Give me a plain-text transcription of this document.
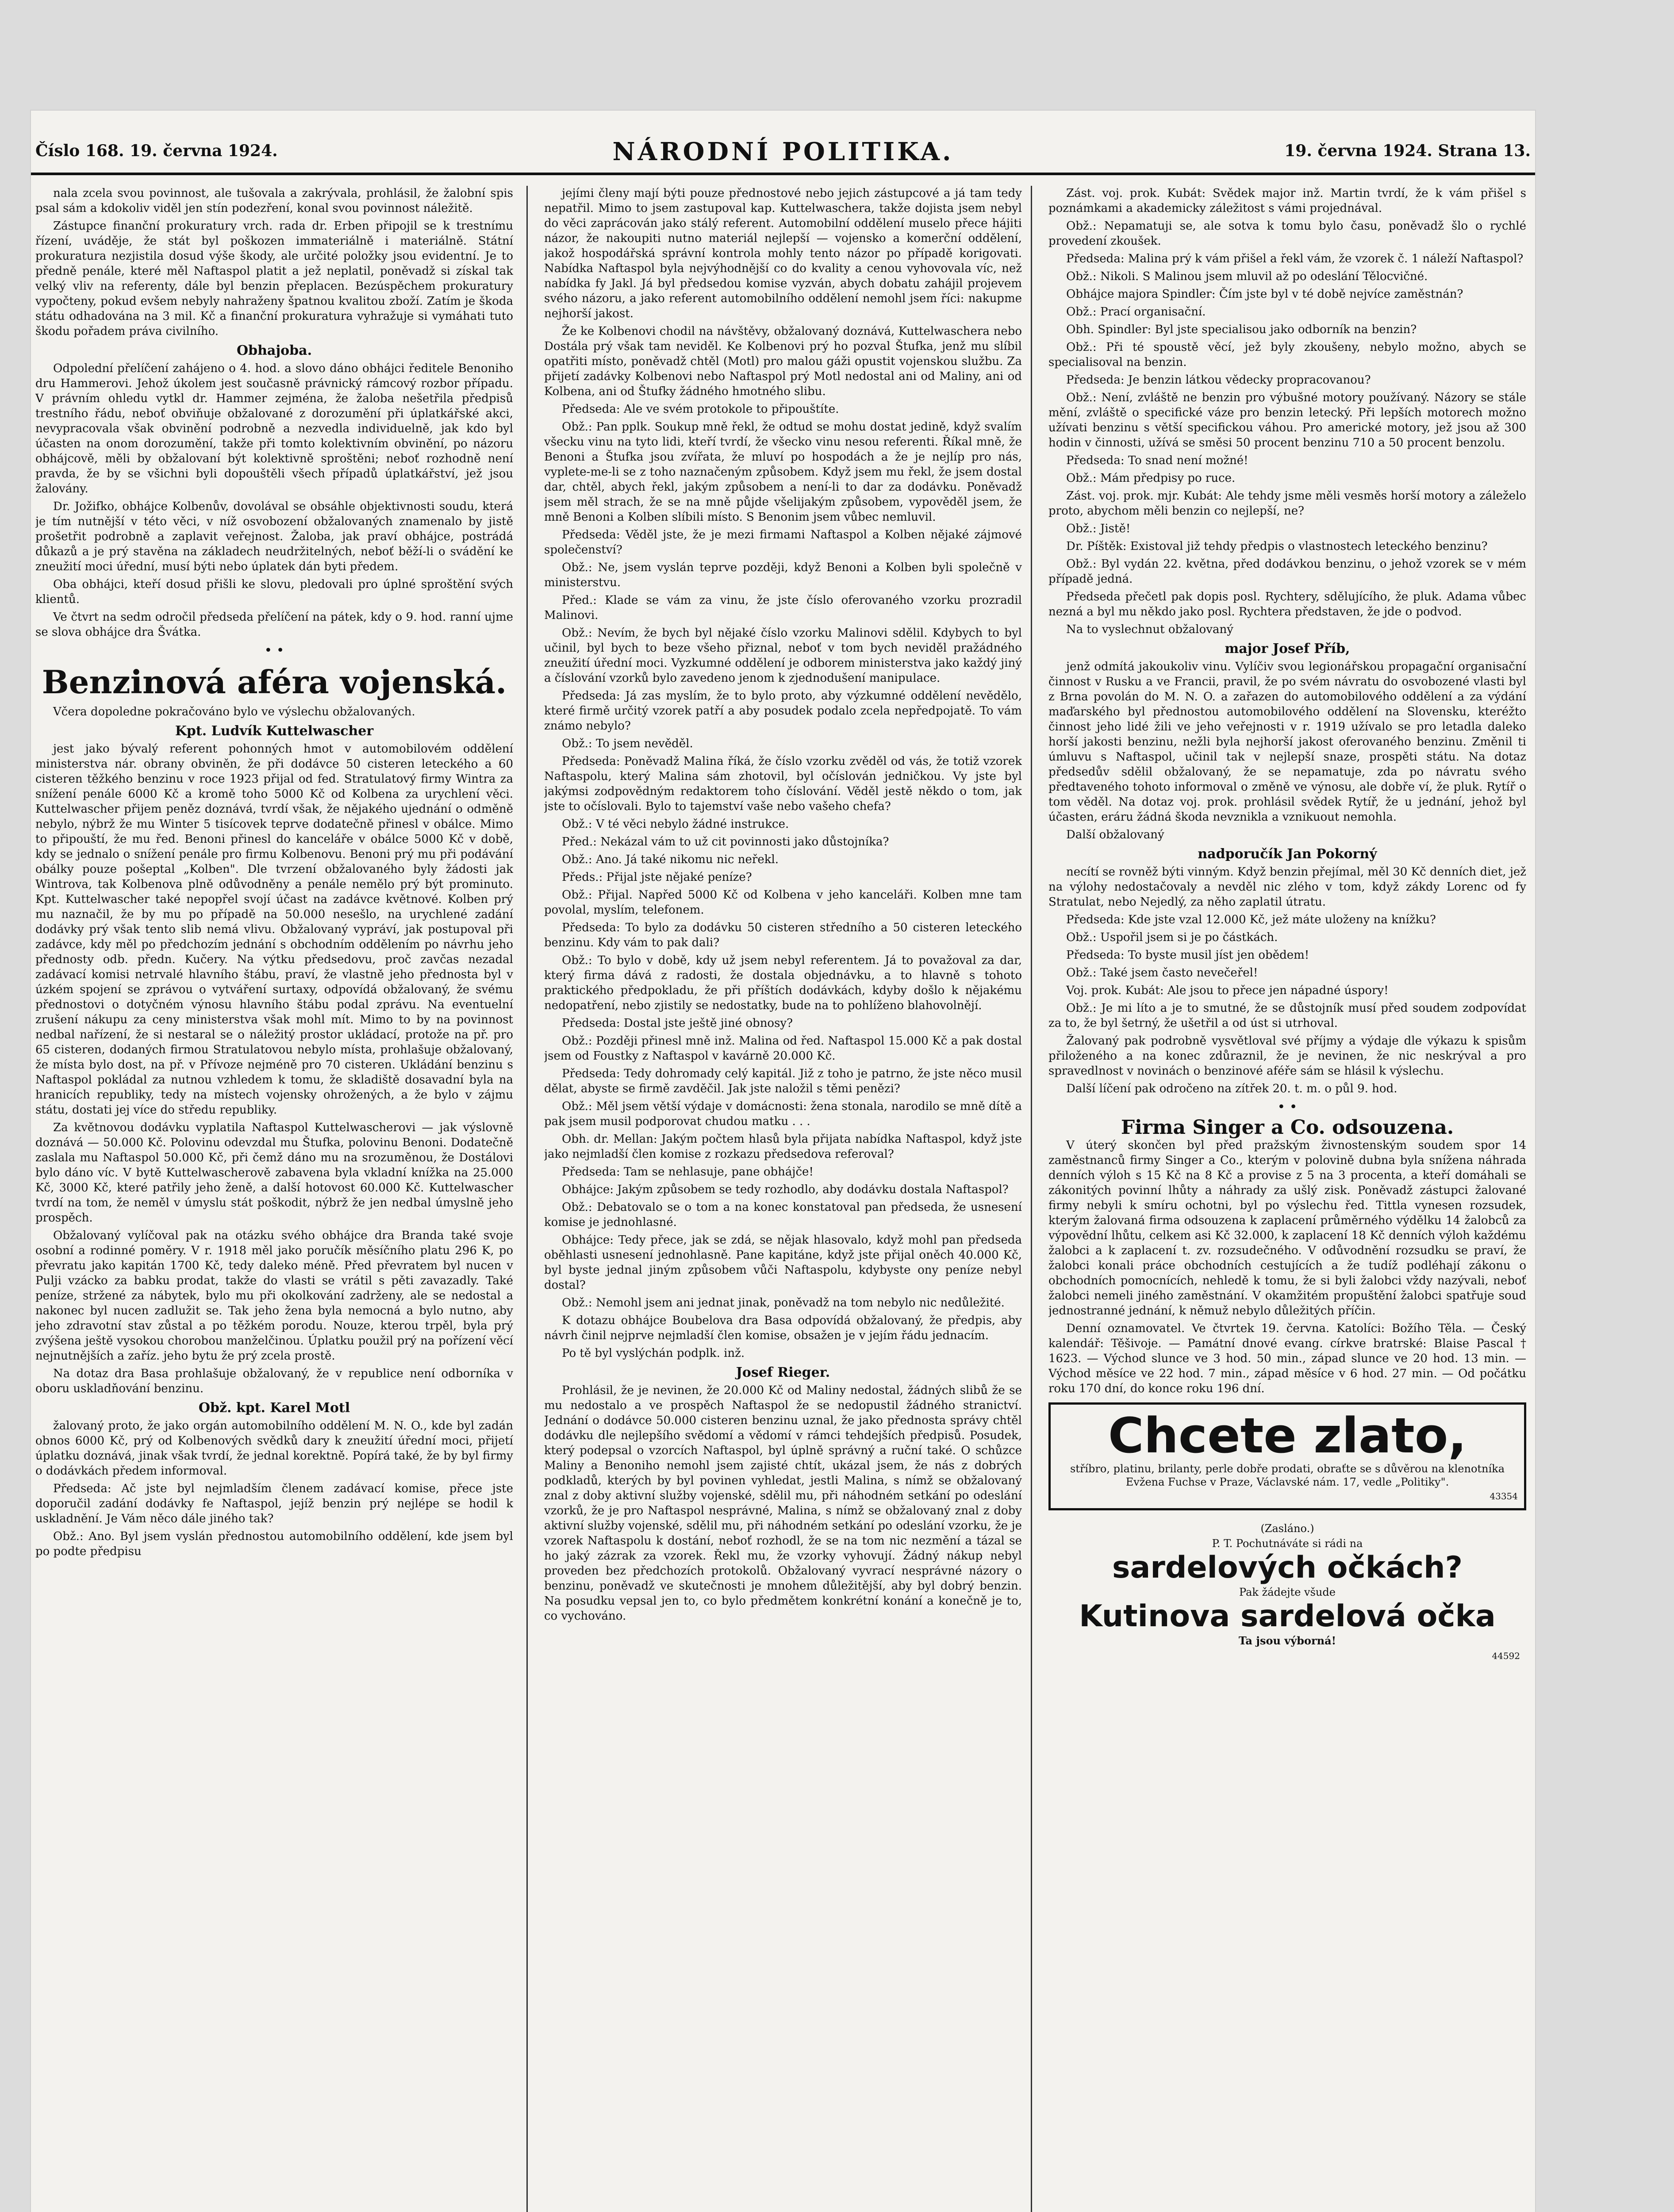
Číslo 168. 19. června 1924.	NÁRODNÍ POLITIKA.	19. června 1924. Strana 13.

nala zcela svou povinnost, ale tušovala a zakrývala, prohlásil, že žalobní spis psal sám a kdokoliv viděl jen stín podezření, konal svou povinnost náležitě.

Zástupce finanční prokuratury vrch. rada dr. Erben připojil se k trestnímu řízení, uváděje, že stát byl poškozen immateriálně i materiálně. Státní prokuratura nezjistila dosud výše škody, ale určité položky jsou evidentní. Je to předně penále, které měl Naftaspol platit a jež neplatil, poněvadž si získal tak velký vliv na referenty, dále byl benzin přeplacen. Bezúspěchem prokuratury vypočteny, pokud evšem nebyly nahraženy špatnou kvalitou zboží. Zatím je škoda státu odhadována na 3 mil. Kč a finanční prokuratura vyhražuje si vymáhati tuto škodu pořadem práva civilního.

Obhajoba.

Odpolední přelíčení zahájeno o 4. hod. a slovo dáno obhájci ředitele Benoniho dru Hammerovi. Jehož úkolem jest současně právnický rámcový rozbor případu. V právním ohledu vytkl dr. Hammer zejména, že žaloba nešetřila předpisů trestního řádu, neboť obviňuje obžalované z dorozumění při úplatkářské akci, nevypracovala však obvinění podrobně a nezvedla individuelně, jak kdo byl účasten na onom dorozumění, takže při tomto kolektivním obvinění, po názoru obhájcově, měli by obžalovaní být kolektivně sproštěni; neboť rozhodně není pravda, že by se všichni byli dopouštěli všech případů úplatkářství, jež jsou žalovány.

Dr. Jožifko, obhájce Kolbenův, dovolával se obsáhle objektivnosti soudu, která je tím nutnější v této věci, v níž osvobození obžalovaných znamenalo by jistě prošetřit podrobně a zaplavit veřejnost. Žaloba, jak praví obhájce, postrádá důkazů a je prý stavěna na základech neudržitelných, neboť běží-li o svádění ke zneužití moci úřední, musí býti nebo úplatek dán byti předem.

Oba obhájci, kteří dosud přišli ke slovu, pledovali pro úplné sproštění svých klientů.

Ve čtvrt na sedm odročil předseda přelíčení na pátek, kdy o 9. hod. ranní ujme se slova obhájce dra Švátka.

• •
Benzinová aféra vojenská.

Včera dopoledne pokračováno bylo ve výslechu obžalovaných.

Kpt. Ludvík Kuttelwascher

jest jako bývalý referent pohonných hmot v automobilovém oddělení ministerstva nár. obrany obviněn, že při dodávce 50 cisteren leteckého a 60 cisteren těžkého benzinu v roce 1923 přijal od fed. Stratulatový firmy Wintra za snížení penále 6000 Kč a kromě toho 5000 Kč od Kolbena za urychlení věci. Kuttelwascher přijem peněz doznává, tvrdí však, že nějakého ujednání o odměně nebylo, nýbrž že mu Winter 5 tisícovek teprve dodatečně přinesl v obálce. Mimo to připouští, že mu řed. Benoni přinesl do kanceláře v obálce 5000 Kč v době, kdy se jednalo o snížení penále pro firmu Kolbenovu. Benoni prý mu při podávání obálky pouze pošeptal „Kolben". Dle tvrzení obžalovaného byly žádosti jak Wintrova, tak Kolbenova plně odůvodněny a penále nemělo prý být prominuto. Kpt. Kuttelwascher také nepopřel svojí účast na zadávce květnové. Kolben prý mu naznačil, že by mu po případě na 50.000 nesešlo, na urychlené zadání dodávky prý však tento slib nemá vlivu. Obžalovaný vypráví, jak postupoval při zadávce, kdy měl po předchozím jednání s obchodním oddělením po návrhu jeho přednosty odb. předn. Kučery. Na výtku předsedovu, proč zavčas nezadal zadávací komisi netrvalé hlavního štábu, praví, že vlastně jeho přednosta byl v úzkém spojení se zprávou o vytváření surtaxy, odpovídá obžalovaný, že svému přednostovi o dotyčném výnosu hlavního štábu podal zprávu. Na eventuelní zrušení nákupu za ceny ministerstva však mohl mít. Mimo to by na povinnost nedbal nařízení, že si nestaral se o náležitý prostor ukládací, protože na př. pro 65 cisteren, dodaných firmou Stratulatovou nebylo místa, prohlašuje obžalovaný, že místa bylo dost, na př. v Přívoze nejméně pro 70 cisteren. Ukládání benzinu s Naftaspol pokládal za nutnou vzhledem k tomu, že skladiště dosavadní byla na hranicích republiky, tedy na místech vojensky ohrožených, a že bylo v zájmu státu, dostati jej více do středu republiky.

Za květnovou dodávku vyplatila Naftaspol Kuttelwascherovi — jak výslovně doznává — 50.000 Kč. Polovinu odevzdal mu Štufka, polovinu Benoni. Dodatečně zaslala mu Naftaspol 50.000 Kč, při čemž dáno mu na srozuměnou, že Dostálovi bylo dáno víc. V bytě Kuttelwascherově zabavena byla vkladní knížka na 25.000 Kč, 3000 Kč, které patřily jeho ženě, a další hotovost 60.000 Kč. Kuttelwascher tvrdí na tom, že neměl v úmyslu stát poškodit, nýbrž že jen nedbal úmyslně jeho prospěch.

Obžalovaný vylíčoval pak na otázku svého obhájce dra Branda také svoje osobní a rodinné poměry. V r. 1918 měl jako poručík měsíčního platu 296 K, po převratu jako kapitán 1700 Kč, tedy daleko méně. Před převratem byl nucen v Pulji vzácko za babku prodat, takže do vlasti se vrátil s pěti zavazadly. Také peníze, stržené za nábytek, bylo mu při okolkování zadrženy, ale se nedostal a nakonec byl nucen zadlužit se. Tak jeho žena byla nemocná a bylo nutno, aby jeho zdravotní stav zůstal a po těžkém porodu. Nouze, kterou trpěl, byla prý zvýšena ještě vysokou chorobou manželčinou. Úplatku použil prý na pořízení věcí nejnutnějších a zaříz. jeho bytu že prý zcela prostě.

Na dotaz dra Basa prohlašuje obžalovaný, že v republice není odborníka v oboru uskladňování benzinu.

Obž. kpt. Karel Motl

žalovaný proto, že jako orgán automobilního oddělení M. N. O., kde byl zadán obnos 6000 Kč, prý od Kolbenových svědků dary k zneužití úřední moci, přijetí úplatku doznává, jinak však tvrdí, že jednal korektně. Popírá také, že by byl firmy o dodávkách předem informoval.

Předseda: Ač jste byl nejmladším členem zadávací komise, přece jste doporučil zadání dodávky fe Naftaspol, jejíž benzin prý nejlépe se hodil k uskladnění. Je Vám něco dále jiného tak?

Obž.: Ano. Byl jsem vyslán přednostou automobilního oddělení, kde jsem byl po podte předpisu

jejími členy mají býti pouze přednostové nebo jejich zástupcové a já tam tedy nepatřil. Mimo to jsem zastupoval kap. Kuttelwaschera, takže dojista jsem nebyl do věci zaprácován jako stálý referent. Automobilní oddělení muselo přece hájiti názor, že nakoupiti nutno materiál nejlepší — vojensko a komerční oddělení, jakož hospodářská správní kontrola mohly tento názor po případě korigovati. Nabídka Naftaspol byla nejvýhodnější co do kvality a cenou vyhovovala víc, než nabídka fy Jakl. Já byl předsedou komise vyzván, abych dobatu zahájil projevem svého názoru, a jako referent automobilního oddělení nemohl jsem říci: nakupme nejhorší jakost.

Že ke Kolbenovi chodil na návštěvy, obžalovaný doznává, Kuttelwaschera nebo Dostála prý však tam neviděl. Ke Kolbenovi prý ho pozval Štufka, jenž mu slíbil opatřiti místo, poněvadž chtěl (Motl) pro malou gáži opustit vojenskou službu. Za přijetí zadávky Kolbenovi nebo Naftaspol prý Motl nedostal ani od Maliny, ani od Kolbena, ani od Štufky žádného hmotného slibu.

Předseda: Ale ve svém protokole to připouštíte.

Obž.: Pan pplk. Soukup mně řekl, že odtud se mohu dostat jedině, když svalím všecku vinu na tyto lidi, kteří tvrdí, že všecko vinu nesou referenti. Říkal mně, že Benoni a Štufka jsou zvířata, že mluví po hospodách a že je nejlíp pro nás, vyplete-me-li se z toho naznačeným způsobem. Když jsem mu řekl, že jsem dostal dar, chtěl, abych řekl, jakým způsobem a není-li to dar za dodávku. Poněvadž jsem měl strach, že se na mně půjde všelijakým způsobem, vypověděl jsem, že mně Benoni a Kolben slíbili místo. S Benonim jsem vůbec nemluvil.

Předseda: Věděl jste, že je mezi firmami Naftaspol a Kolben nějaké zájmové společenství?

Obž.: Ne, jsem vyslán teprve později, když Benoni a Kolben byli společně v ministerstvu.

Před.: Klade se vám za vinu, že jste číslo oferovaného vzorku prozradil Malinovi.

Obž.: Nevím, že bych byl nějaké číslo vzorku Malinovi sdělil. Kdybych to byl učinil, byl bych to beze všeho přiznal, neboť v tom bych neviděl pražádného zneužití úřední moci. Vyzkumné oddělení je odborem ministerstva jako každý jiný a číslování vzorků bylo zavedeno jenom k zjednodušení manipulace.

Předseda: Já zas myslím, že to bylo proto, aby výzkumné oddělení nevědělo, které firmě určitý vzorek patří a aby posudek podalo zcela nepředpojatě. To vám známo nebylo?

Obž.: To jsem nevěděl.

Předseda: Poněvadž Malina říká, že číslo vzorku zvěděl od vás, že totiž vzorek Naftaspolu, který Malina sám zhotovil, byl očíslován jedničkou. Vy jste byl jakýmsi zodpovědným redaktorem toho číslování. Věděl jestě někdo o tom, jak jste to očíslovali. Bylo to tajemství vaše nebo vašeho chefa?

Obž.: V té věci nebylo žádné instrukce.

Před.: Nekázal vám to už cit povinnosti jako důstojníka?

Obž.: Ano. Já také nikomu nic neřekl.

Předs.: Přijal jste nějaké peníze?

Obž.: Přijal. Napřed 5000 Kč od Kolbena v jeho kanceláři. Kolben mne tam povolal, myslím, telefonem.

Předseda: To bylo za dodávku 50 cisteren středního a 50 cisteren leteckého benzinu. Kdy vám to pak dali?

Obž.: To bylo v době, kdy už jsem nebyl referentem. Já to považoval za dar, který firma dává z radosti, že dostala objednávku, a to hlavně s tohoto praktického předpokladu, že při příštích dodávkách, kdyby došlo k nějakému nedopatření, nebo zjistily se nedostatky, bude na to pohlíženo blahovolnějí.

Předseda: Dostal jste ještě jiné obnosy?

Obž.: Později přinesl mně inž. Malina od řed. Naftaspol 15.000 Kč a pak dostal jsem od Foustky z Naftaspol v kavárně 20.000 Kč.

Předseda: Tedy dohromady celý kapitál. Již z toho je patrno, že jste něco musil dělat, abyste se firmě zavděčil. Jak jste naložil s těmi penězi?

Obž.: Měl jsem větší výdaje v domácnosti: žena stonala, narodilo se mně dítě a pak jsem musil podporovat chudou matku . . .

Obh. dr. Mellan: Jakým počtem hlasů byla přijata nabídka Naftaspol, když jste jako nejmladší člen komise z rozkazu předsedova referoval?

Předseda: Tam se nehlasuje, pane obhájče!

Obhájce: Jakým způsobem se tedy rozhodlo, aby dodávku dostala Naftaspol?

Obž.: Debatovalo se o tom a na konec konstatoval pan předseda, že usnesení komise je jednohlasné.

Obhájce: Tedy přece, jak se zdá, se nějak hlasovalo, když mohl pan předseda oběhlasti usnesení jednohlasně. Pane kapitáne, když jste přijal oněch 40.000 Kč, byl byste jednal jiným způsobem vůči Naftaspolu, kdybyste ony peníze nebyl dostal?

Obž.: Nemohl jsem ani jednat jinak, poněvadž na tom nebylo nic nedůležité.

K dotazu obhájce Boubelova dra Basa odpovídá obžalovaný, že předpis, aby návrh činil nejprve nejmladší člen komise, obsažen je v jejím řádu jednacím.

Po tě byl vyslýchán podplk. inž.

Josef Rieger.

Prohlásil, že je nevinen, že 20.000 Kč od Maliny nedostal, žádných slibů že se mu nedostalo a ve prospěch Naftaspol že se nedopustil žádného stranictví. Jednání o dodávce 50.000 cisteren benzinu uznal, že jako přednosta správy chtěl dodávku dle nejlepšího svědomí a vědomí v rámci tehdejších předpisů. Posudek, který podepsal o vzorcích Naftaspol, byl úplně správný a ruční také. O schůzce Maliny a Benoniho nemohl jsem zajisté chtít, ukázal jsem, že nás z dobrých podkladů, kterých by byl povinen vyhledat, jestli Malina, s nímž se obžalovaný znal z doby aktivní služby vojenské, sdělil mu, při náhodném setkání po odeslání vzorků, že je pro Naftaspol nesprávné, Malina, s nímž se obžalovaný znal z doby aktivní služby vojenské, sdělil mu, při náhodném setkání po odeslání vzorku, že je vzorek Naftaspolu k dostání, neboť rozhodl, že se na tom nic nezmění a tázal se ho jaký zázrak za vzorek. Řekl mu, že vzorky vyhovují. Žádný nákup nebyl proveden bez předchozích protokolů. Obžalovaný vyvrací nesprávné názory o benzinu, poněvadž ve skutečnosti je mnohem důležitější, aby byl dobrý benzin. Na posudku vepsal jen to, co bylo předmětem konkrétní konání a konečně je to, co vychováno.

Zást. voj. prok. Kubát: Svědek major inž. Martin tvrdí, že k vám přišel s poznámkami a akademicky záležitost s vámi projednával.

Obž.: Nepamatuji se, ale sotva k tomu bylo času, poněvadž šlo o rychlé provedení zkoušek.

Předseda: Malina prý k vám přišel a řekl vám, že vzorek č. 1 náleží Naftaspol?

Obž.: Nikoli. S Malinou jsem mluvil až po odeslání Tělocvičné.

Obhájce majora Spindler: Čím jste byl v té době nejvíce zaměstnán?

Obž.: Prací organisační.

Obh. Spindler: Byl jste specialisou jako odborník na benzin?

Obž.: Při té spoustě věcí, jež byly zkoušeny, nebylo možno, abych se specialisoval na benzin.

Předseda: Je benzin látkou vědecky propracovanou?

Obž.: Není, zvláště ne benzin pro výbušné motory používaný. Názory se stále mění, zvláště o specifické váze pro benzin letecký. Při lepších motorech možno užívati benzinu s větší specifickou váhou. Pro americké motory, jež jsou až 300 hodin v činnosti, užívá se směsi 50 procent benzinu 710 a 50 procent benzolu.

Předseda: To snad není možné!

Obž.: Mám předpisy po ruce.

Zást. voj. prok. mjr. Kubát: Ale tehdy jsme měli vesměs horší motory a záleželo proto, abychom měli benzin co nejlepší, ne?

Obž.: Jistě!

Dr. Píštěk: Existoval již tehdy předpis o vlastnostech leteckého benzinu?

Obž.: Byl vydán 22. května, před dodávkou benzinu, o jehož vzorek se v mém případě jedná.

Předseda přečetl pak dopis posl. Rychtery, sdělujícího, že pluk. Adama vůbec nezná a byl mu někdo jako posl. Rychtera představen, že jde o podvod.

Na to vyslechnut obžalovaný

major Josef Příb,

jenž odmítá jakoukoliv vinu. Vylíčiv svou legionářskou propagační organisační činnost v Rusku a ve Francii, pravil, že po svém návratu do osvobozené vlasti byl z Brna povolán do M. N. O. a zařazen do automobilového oddělení a za výdání maďarského byl přednostou automobilového oddělení na Slovensku, kteréžto činnost jeho lidé žili ve jeho veřejnosti v r. 1919 užívalo se pro letadla daleko horší jakosti benzinu, nežli byla nejhorší jakost oferovaného benzinu. Změnil ti úmluvu s Naftaspol, učinil tak v nejlepší snaze, prospěti státu. Na dotaz předsedův sdělil obžalovaný, že se nepamatuje, zda po návratu svého předtaveného tohoto informoval o změně ve výnosu, ale dobře ví, že pluk. Rytíř o tom věděl. Na dotaz voj. prok. prohlásil svědek Rytíř, že u jednání, jehož byl účasten, eráru žádná škoda nevznikla a vznikuout nemohla.

Další obžalovaný

nadporučík Jan Pokorný

necítí se rovněž býti vinným. Když benzin přejímal, měl 30 Kč denních diet, jež na výlohy nedostačovaly a nevděl nic zlého v tom, když zákdy Lorenc od fy Stratulat, nebo Nejedlý, za něho zaplatil útratu.

Předseda: Kde jste vzal 12.000 Kč, jež máte uloženy na knížku?

Obž.: Uspořil jsem si je po částkách.

Předseda: To byste musil jíst jen obědem!

Obž.: Také jsem často nevečeřel!

Voj. prok. Kubát: Ale jsou to přece jen nápadné úspory!

Obž.: Je mi líto a je to smutné, že se důstojník musí před soudem zodpovídat za to, že byl šetrný, že ušetřil a od úst si utrhoval.

Žalovaný pak podrobně vysvětloval své příjmy a výdaje dle výkazu k spisům přiloženého a na konec zdůraznil, že je nevinen, že nic neskrýval a pro spravedlnost v novinách o benzinové aféře sám se hlásil k výslechu.

Další líčení pak odročeno na zítřek 20. t. m. o půl 9. hod.

• •
Firma Singer a Co. odsouzena.

V úterý skončen byl před pražským živnostenským soudem spor 14 zaměstnanců firmy Singer a Co., kterým v polovině dubna byla snížena náhrada denních výloh s 15 Kč na 8 Kč a provise z 5 na 3 procenta, a kteří domáhali se zákonitých povinní lhůty a náhrady za ušlý zisk. Poněvadž zástupci žalované firmy nebyli k smíru ochotni, byl po výslechu řed. Tittla vynesen rozsudek, kterým žalovaná firma odsouzena k zaplacení průměrného výdělku 14 žalobců za výpovědní lhůtu, celkem asi Kč 32.000, k zaplacení 18 Kč denních výloh každému žalobci a k zaplacení t. zv. rozsudečného. V odůvodnění rozsudku se praví, že žalobci konali práce obchodních cestujících a že tudíž podléhají zákonu o obchodních pomocnících, nehledě k tomu, že si byli žalobci vždy nazývali, neboť žalobci nemeli jiného zaměstnání. V okamžitém propuštění žalobci spatřuje soud jednostranné jednání, k němuž nebylo důležitých příčin.

Denní oznamovatel. Ve čtvrtek 19. června. Katolíci: Božího Těla. — Český kalendář: Těšivoje. — Památní dnové evang. církve bratrské: Blaise Pascal † 1623. — Východ slunce ve 3 hod. 50 min., západ slunce ve 20 hod. 13 min. — Východ měsíce ve 22 hod. 7 min., západ měsíce v 6 hod. 27 min. — Od počátku roku 170 dní, do konce roku 196 dní.

Chcete zlato,
stříbro, platinu, brilanty, perle dobře prodati, obraťte se s důvěrou na klenotníka Evžena Fuchse v Praze, Václavské nám. 17, vedle „Politiky".
43354
(Zasláno.)
P. T. Pochutnáváte si rádi na
sardelových očkách?
Pak žádejte všude
Kutinova sardelová očka
Ta jsou výborná!
44592
